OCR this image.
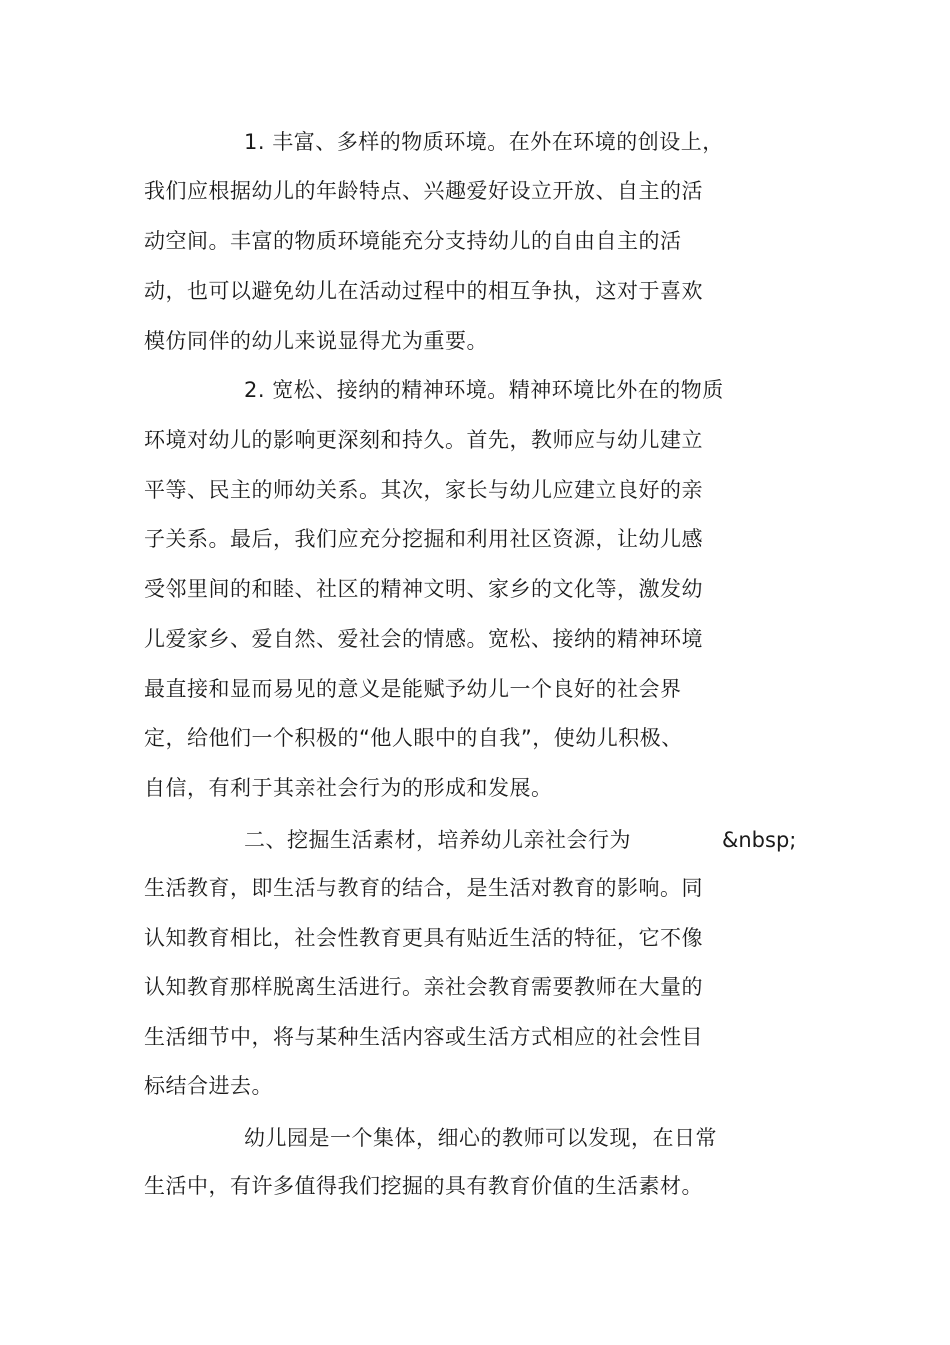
1. 丰富、多样的物质环境。在外在环境的创设上，
我们应根据幼儿的年龄特点、兴趣爱好设立开放、自主的活
动空间。丰富的物质环境能充分支持幼儿的自由自主的活
动，也可以避免幼儿在活动过程中的相互争执，这对于喜欢
模仿同伴的幼儿来说显得尤为重要。
2. 宽松、接纳的精神环境。精神环境比外在的物质
环境对幼儿的影响更深刻和持久。首先，教师应与幼儿建立
平等、民主的师幼关系。其次，家长与幼儿应建立良好的亲
子关系。最后，我们应充分挖掘和利用社区资源，让幼儿感
受邻里间的和睦、社区的精神文明、家乡的文化等，激发幼
儿爱家乡、爱自然、爱社会的情感。宽松、接纳的精神环境
最直接和显而易见的意义是能赋予幼儿一个良好的社会界
定，给他们一个积极的“他人眼中的自我”，使幼儿积极、
自信，有利于其亲社会行为的形成和发展。
二、挖掘生活素材，培养幼儿亲社会行为	&nbsp;
生活教育，即生活与教育的结合，是生活对教育的影响。同
认知教育相比，社会性教育更具有贴近生活的特征，它不像
认知教育那样脱离生活进行。亲社会教育需要教师在大量的
生活细节中，将与某种生活内容或生活方式相应的社会性目
标结合进去。
幼儿园是一个集体，细心的教师可以发现，在日常
生活中，有许多值得我们挖掘的具有教育价值的生活素材。
